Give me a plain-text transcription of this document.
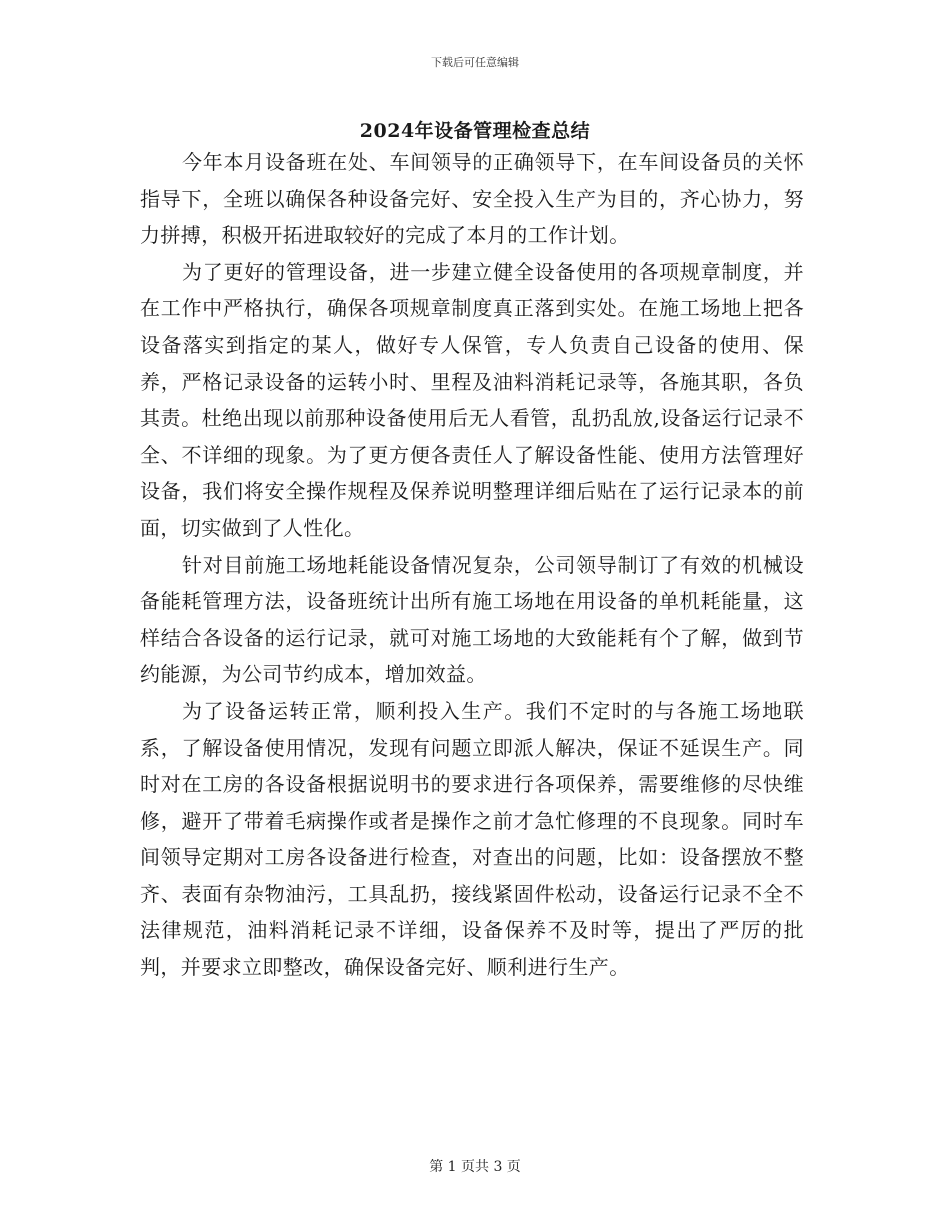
下载后可任意编辑
2024年设备管理检查总结

今年本月设备班在处、车间领导的正确领导下，在车间设备员的关怀指导下，全班以确保各种设备完好、安全投入生产为目的，齐心协力，努力拼搏，积极开拓进取较好的完成了本月的工作计划。

为了更好的管理设备，进一步建立健全设备使用的各项规章制度，并在工作中严格执行，确保各项规章制度真正落到实处。在施工场地上把各设备落实到指定的某人，做好专人保管，专人负责自己设备的使用、保养，严格记录设备的运转小时、里程及油料消耗记录等，各施其职，各负其责。杜绝出现以前那种设备使用后无人看管，乱扔乱放,设备运行记录不全、不详细的现象。为了更方便各责任人了解设备性能、使用方法管理好设备，我们将安全操作规程及保养说明整理详细后贴在了运行记录本的前面，切实做到了人性化。

针对目前施工场地耗能设备情况复杂，公司领导制订了有效的机械设备能耗管理方法，设备班统计出所有施工场地在用设备的单机耗能量，这样结合各设备的运行记录，就可对施工场地的大致能耗有个了解，做到节约能源，为公司节约成本，增加效益。

为了设备运转正常，顺利投入生产。我们不定时的与各施工场地联系，了解设备使用情况，发现有问题立即派人解决，保证不延误生产。同时对在工房的各设备根据说明书的要求进行各项保养，需要维修的尽快维修，避开了带着毛病操作或者是操作之前才急忙修理的不良现象。同时车间领导定期对工房各设备进行检查，对查出的问题，比如：设备摆放不整齐、表面有杂物油污，工具乱扔，接线紧固件松动，设备运行记录不全不法律规范，油料消耗记录不详细，设备保养不及时等，提出了严厉的批判，并要求立即整改，确保设备完好、顺利进行生产。

第 1 页共 3 页
